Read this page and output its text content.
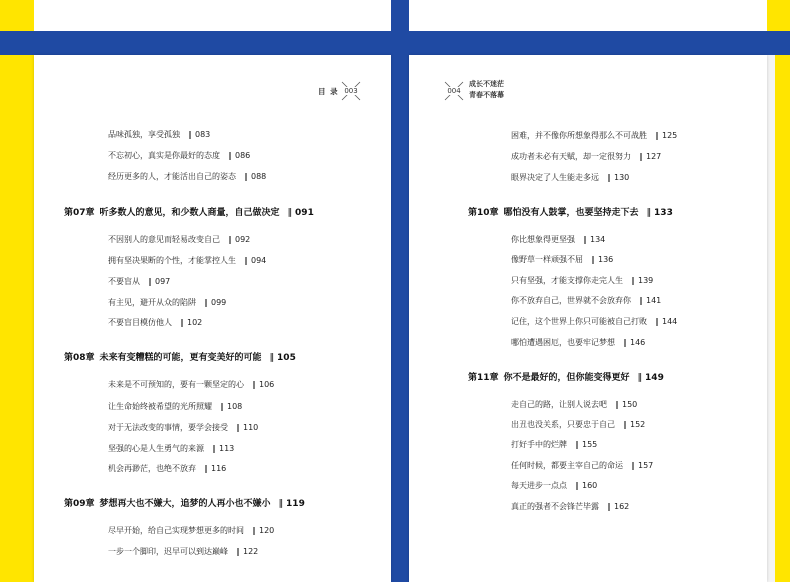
目 录 003
品味孤独，享受孤独 ‖ 083
不忘初心，真实是你最好的态度 ‖ 086
经历更多的人，才能活出自己的姿态 ‖ 088
第07章 听多数人的意见，和少数人商量，自己做决定 ‖ 091
不因别人的意见而轻易改变自己 ‖ 092
拥有坚决果断的个性，才能掌控人生 ‖ 094
不要盲从 ‖ 097
有主见，避开从众的陷阱 ‖ 099
不要盲目模仿他人 ‖ 102
第08章 未来有变糟糕的可能，更有变美好的可能 ‖ 105
未来是不可预知的，要有一颗坚定的心 ‖ 106
让生命始终被希望的光所照耀 ‖ 108
对于无法改变的事情，要学会接受 ‖ 110
坚强的心是人生勇气的来源 ‖ 113
机会再渺茫，也绝不放弃 ‖ 116
第09章 梦想再大也不嫌大，追梦的人再小也不嫌小 ‖ 119
尽早开始，给自己实现梦想更多的时间 ‖ 120
一步一个脚印，迟早可以到达巅峰 ‖ 122
004
成长不迷茫
青春不落幕
困难，并不像你所想象得那么不可战胜 ‖ 125
成功者未必有天赋，却一定很努力 ‖ 127
眼界决定了人生能走多远 ‖ 130
第10章 哪怕没有人鼓掌，也要坚持走下去 ‖ 133
你比想象得更坚强 ‖ 134
像野草一样顽强不屈 ‖ 136
只有坚强，才能支撑你走完人生 ‖ 139
你不放弃自己，世界就不会放弃你 ‖ 141
记住，这个世界上你只可能被自己打败 ‖ 144
哪怕遭遇困厄，也要牢记梦想 ‖ 146
第11章 你不是最好的，但你能变得更好 ‖ 149
走自己的路，让别人说去吧 ‖ 150
出丑也没关系，只要忠于自己 ‖ 152
打好手中的烂牌 ‖ 155
任何时候，都要主宰自己的命运 ‖ 157
每天进步一点点 ‖ 160
真正的强者不会锋芒毕露 ‖ 162
